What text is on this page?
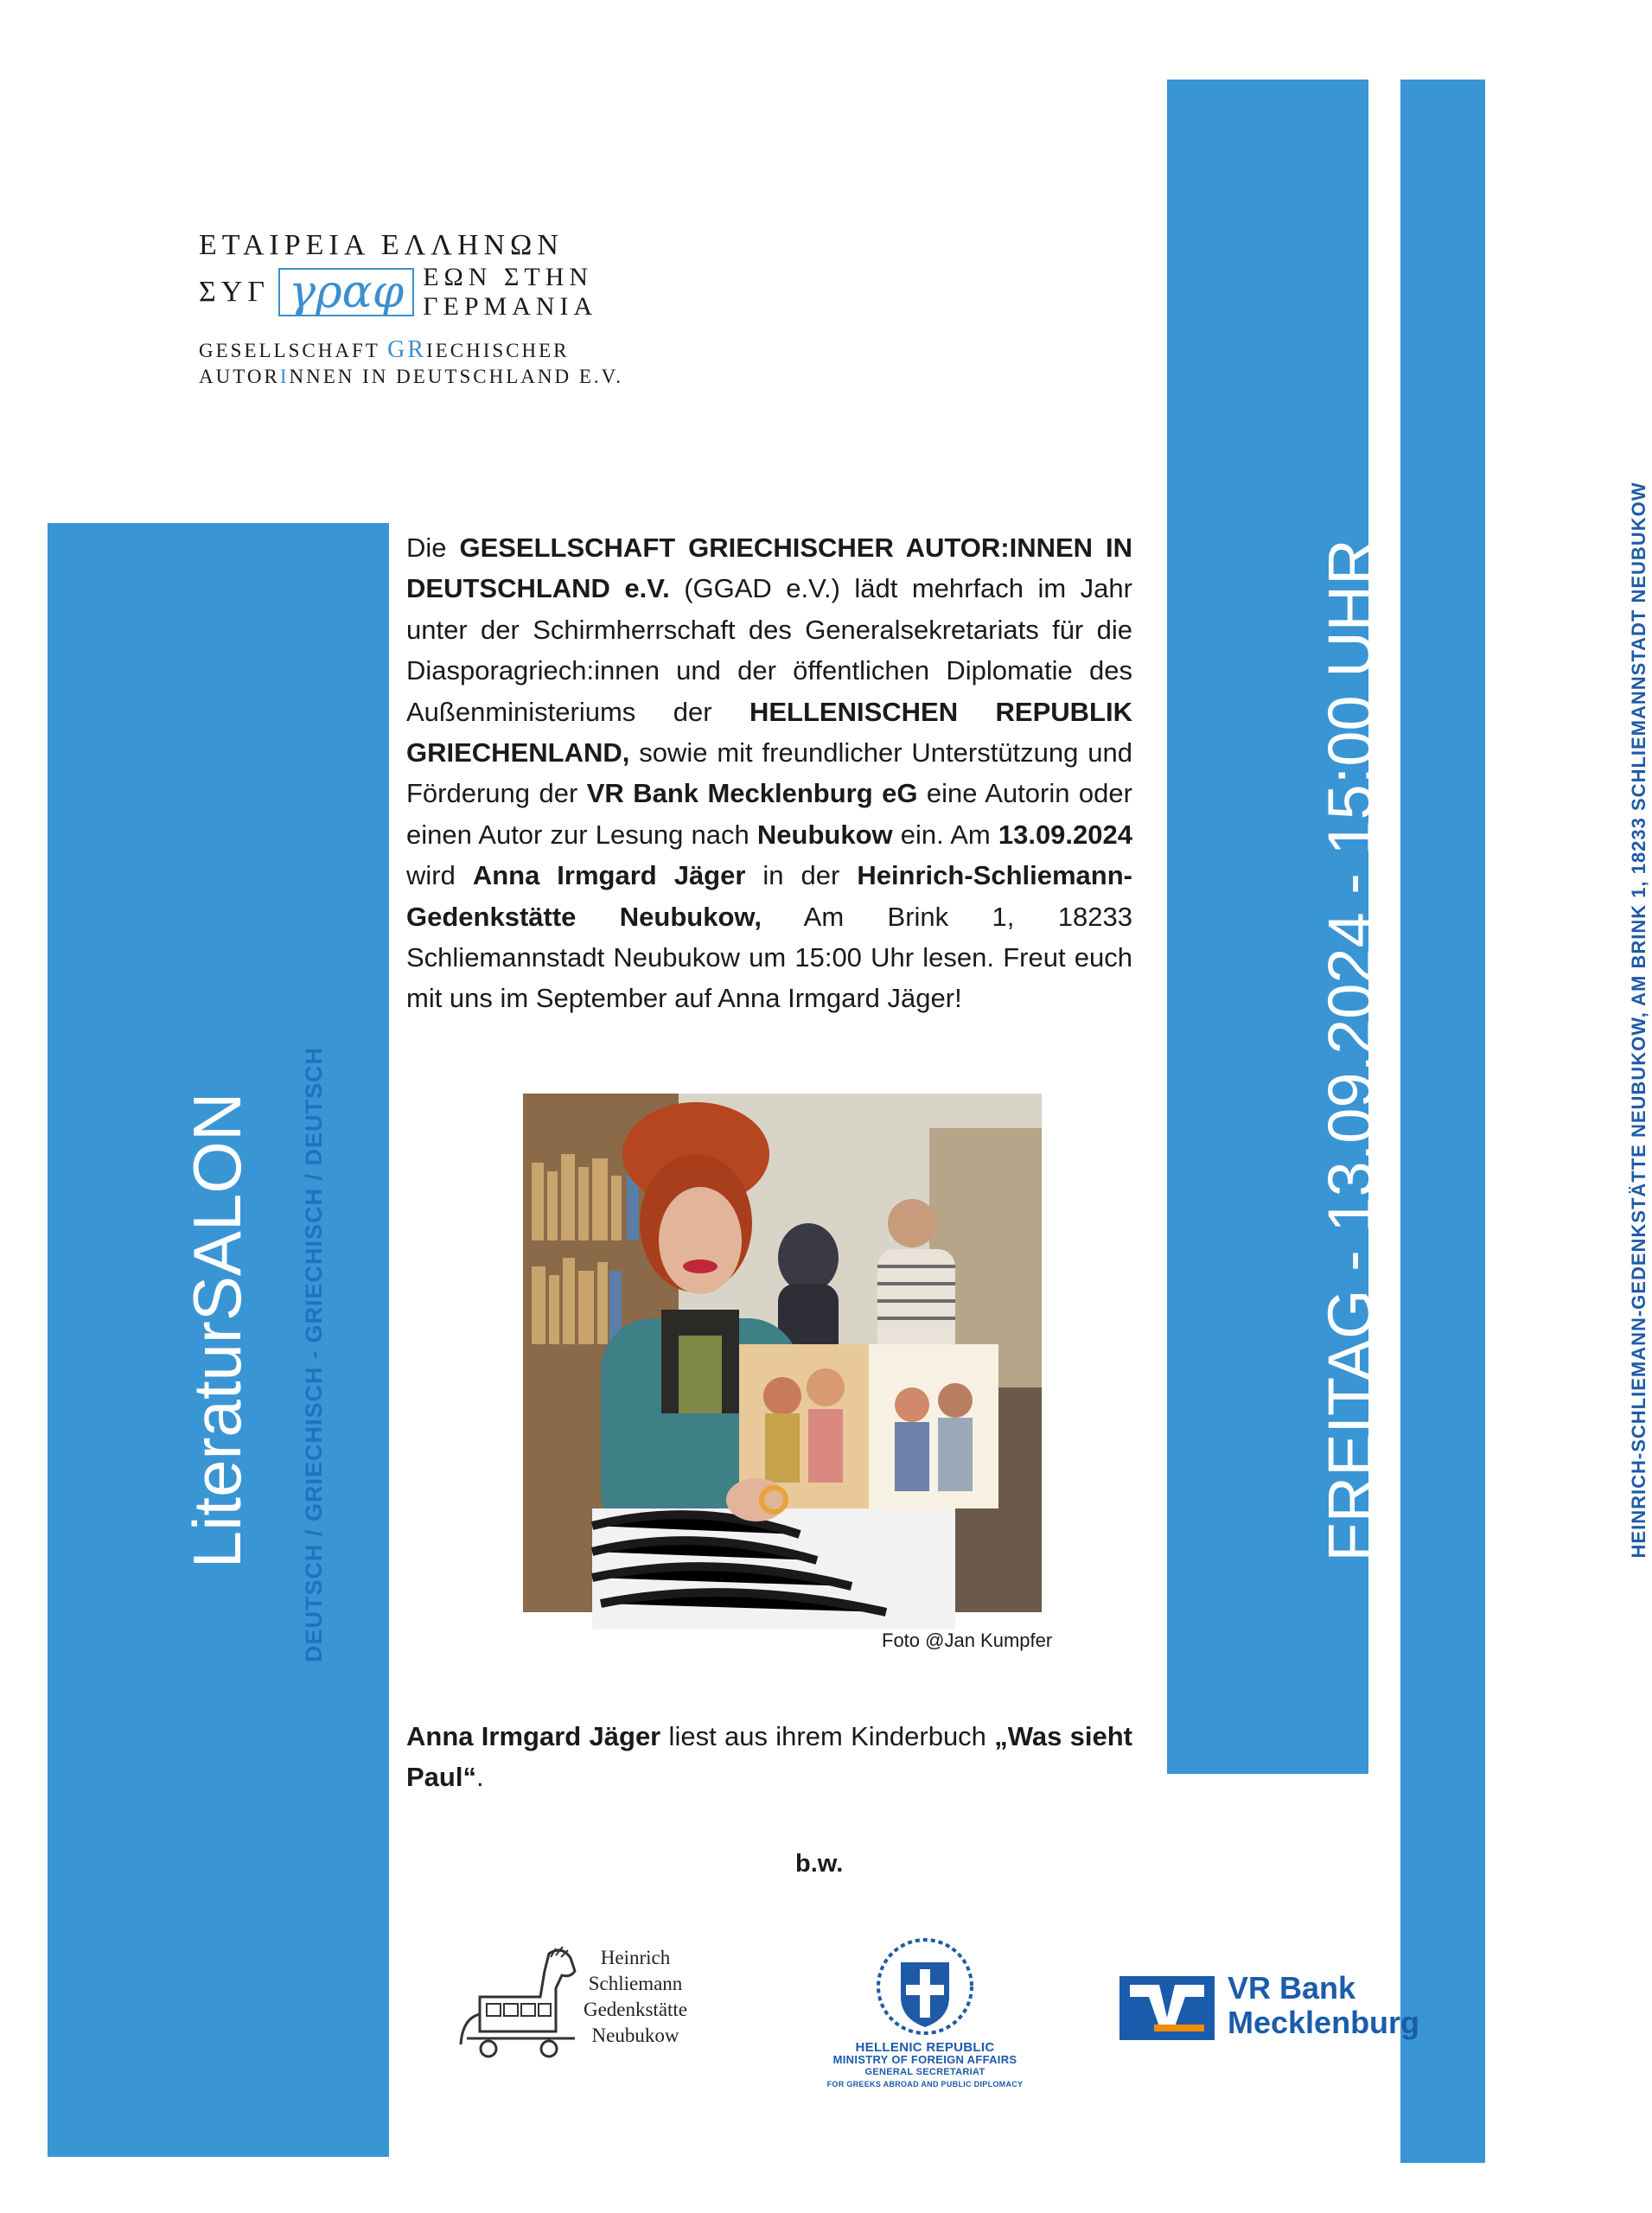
LiteraturSALON DEUTSCH / GRIECHISCH - GRIECHISCH / DEUTSCH	FREITAG - 13.09.2024 - 15:00 UHR	HEINRICH-SCHLIEMANN-GEDENKSTÄTTE NEUBUKOW, AM BRINK 1, 18233 SCHLIEMANNSTADT NEUBUKOW
ΕΤΑΙΡΕΙΑ ΕΛΛΗΝΩΝ
ΣΥΓ γραφ ΕΩΝ ΣΤΗΝ
ΓΕΡΜΑΝΙΑ
GESELLSCHAFT GRIECHISCHER
AUTORINNEN IN DEUTSCHLAND E.V.
Die GESELLSCHAFT GRIECHISCHER AUTOR:INNEN IN DEUTSCHLAND e.V. (GGAD e.V.) lädt mehrfach im Jahr unter der Schirmherrschaft des Generalsekretariats für die Diasporagriech:innen und der öffentlichen Diplomatie des Außenministeriums der HELLENISCHEN REPUBLIK GRIECHENLAND, sowie mit freundlicher Unterstützung und Förderung der VR Bank Mecklenburg eG eine Autorin oder einen Autor zur Lesung nach Neubukow ein. Am 13.09.2024 wird Anna Irmgard Jäger in der Heinrich-Schliemann-Gedenkstätte Neubukow, Am Brink 1, 18233 Schliemannstadt Neubukow um 15:00 Uhr lesen. Freut euch mit uns im September auf Anna Irmgard Jäger!
Foto @Jan Kumpfer
Anna Irmgard Jäger liest aus ihrem Kinderbuch „Was sieht Paul“.
b.w.
Heinrich
Schliemann
Gedenkstätte
Neubukow
HELLENIC REPUBLIC
MINISTRY OF FOREIGN AFFAIRS
GENERAL SECRETARIAT
FOR GREEKS ABROAD AND PUBLIC DIPLOMACY
VR Bank
Mecklenburg
